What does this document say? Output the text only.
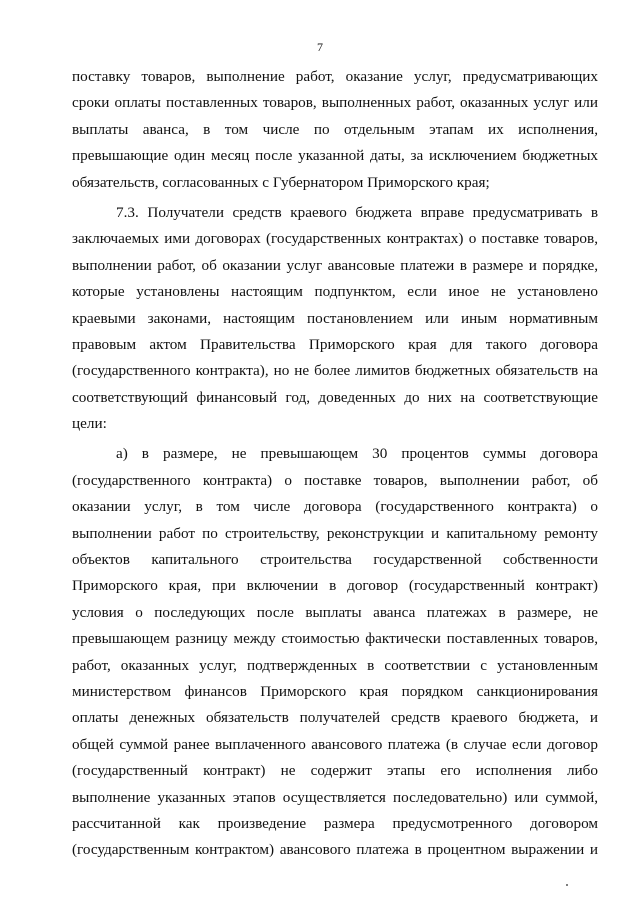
7
поставку товаров, выполнение работ, оказание услуг, предусматривающих
сроки оплаты поставленных товаров, выполненных работ, оказанных услуг или
выплаты аванса, в том числе по отдельным этапам их исполнения,
превышающие один месяц после указанной даты, за исключением бюджетных
обязательств, согласованных с Губернатором Приморского края;
7.3. Получатели средств краевого бюджета вправе предусматривать в
заключаемых ими договорах (государственных контрактах) о поставке товаров,
выполнении работ, об оказании услуг авансовые платежи в размере и порядке,
которые установлены настоящим подпунктом, если иное не установлено
краевыми законами, настоящим постановлением или иным нормативным
правовым актом Правительства Приморского края для такого договора
(государственного контракта), но не более лимитов бюджетных обязательств на
соответствующий финансовый год, доведенных до них на соответствующие
цели:
а) в размере, не превышающем 30 процентов суммы договора
(государственного контракта) о поставке товаров, выполнении работ, об
оказании услуг, в том числе договора (государственного контракта) о
выполнении работ по строительству, реконструкции и капитальному ремонту
объектов капитального строительства государственной собственности
Приморского края, при включении в договор (государственный контракт)
условия о последующих после выплаты аванса платежах в размере, не
превышающем разницу между стоимостью фактически поставленных товаров,
работ, оказанных услуг, подтвержденных в соответствии с установленным
министерством финансов Приморского края порядком санкционирования
оплаты денежных обязательств получателей средств краевого бюджета, и
общей суммой ранее выплаченного авансового платежа (в случае если договор
(государственный контракт) не содержит этапы его исполнения либо
выполнение указанных этапов осуществляется последовательно) или суммой,
рассчитанной как произведение размера предусмотренного договором
(государственным контрактом) авансового платежа в процентном выражении и
